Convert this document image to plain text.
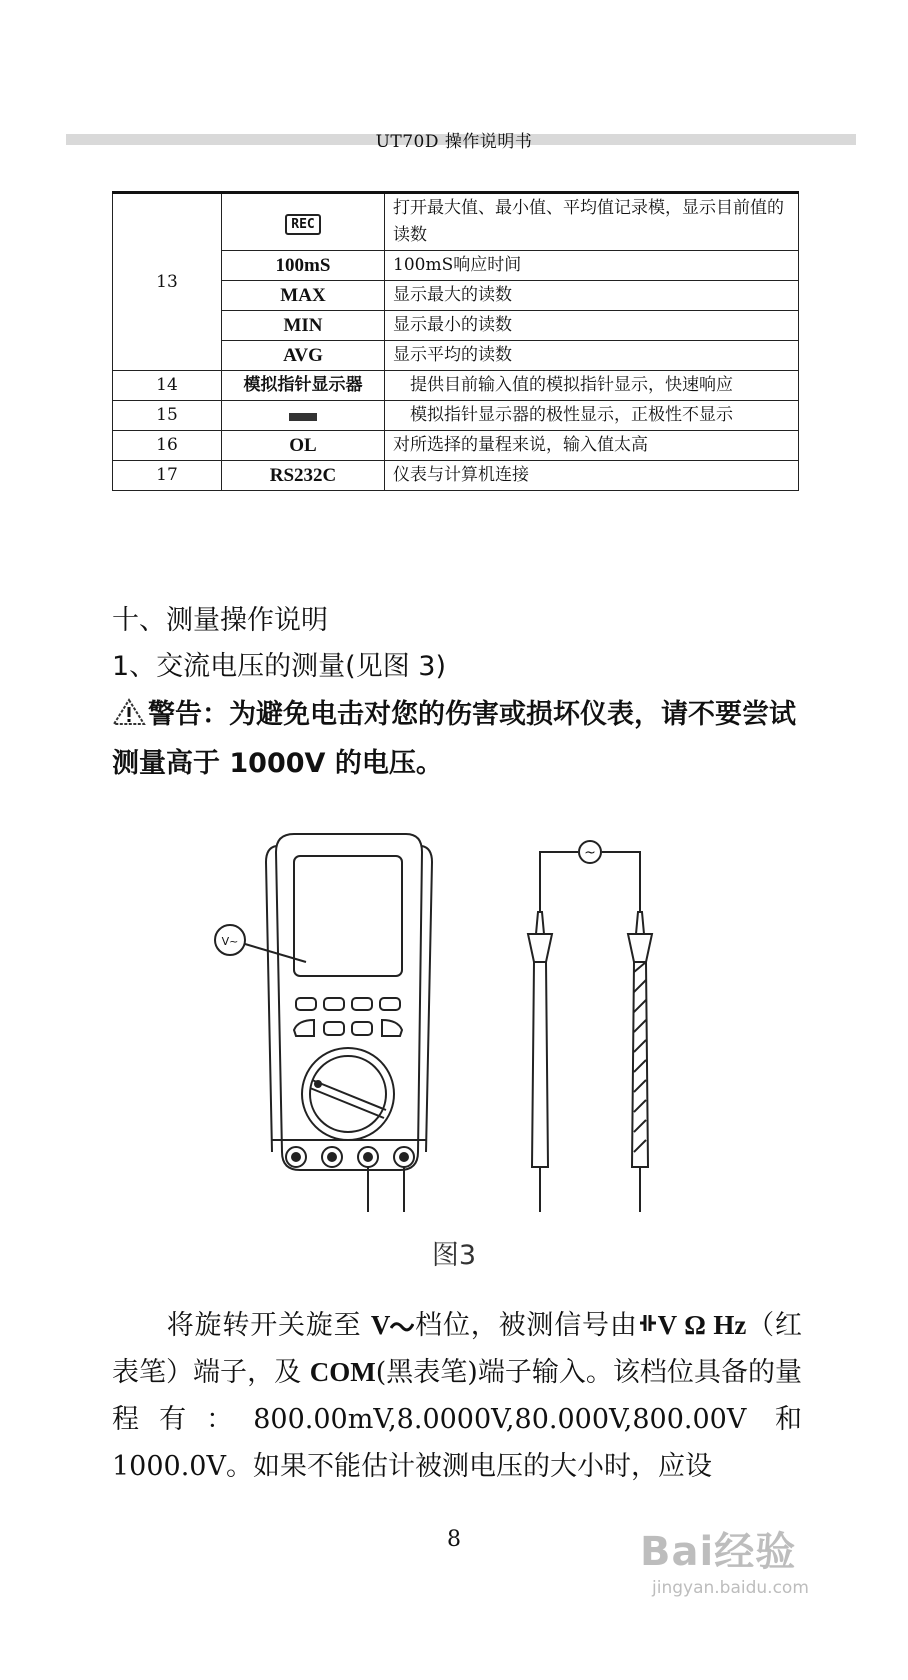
UT70D 操作说明书
13	REC	打开最大值、最小值、平均值记录模，显示目前值的读数
	100mS	100mS响应时间
	MAX	显示最大的读数
	MIN	显示最小的读数
	AVG	显示平均的读数
14	模拟指针显示器	　提供目前输入值的模拟指针显示，快速响应
15		　模拟指针显示器的极性显示，正极性不显示
16	OL	对所选择的量程来说，输入值太高
17	RS232C	仪表与计算机连接
十、测量操作说明
1、交流电压的测量(见图 3)
警告：为避免电击对您的伤害或损坏仪表，请不要尝试测量高于 1000V 的电压。
V~
~
图3
将旋转开关旋至 V 档位，被测信号由 V Ω Hz（红表笔）端子，及 COM(黑表笔)端子输入。该档位具备的量程有：800.00mV,8.0000V,80.000V,800.00V 和 1000.0V。如果不能估计被测电压的大小时，应设
8	Bai经验
jingyan.baidu.com
